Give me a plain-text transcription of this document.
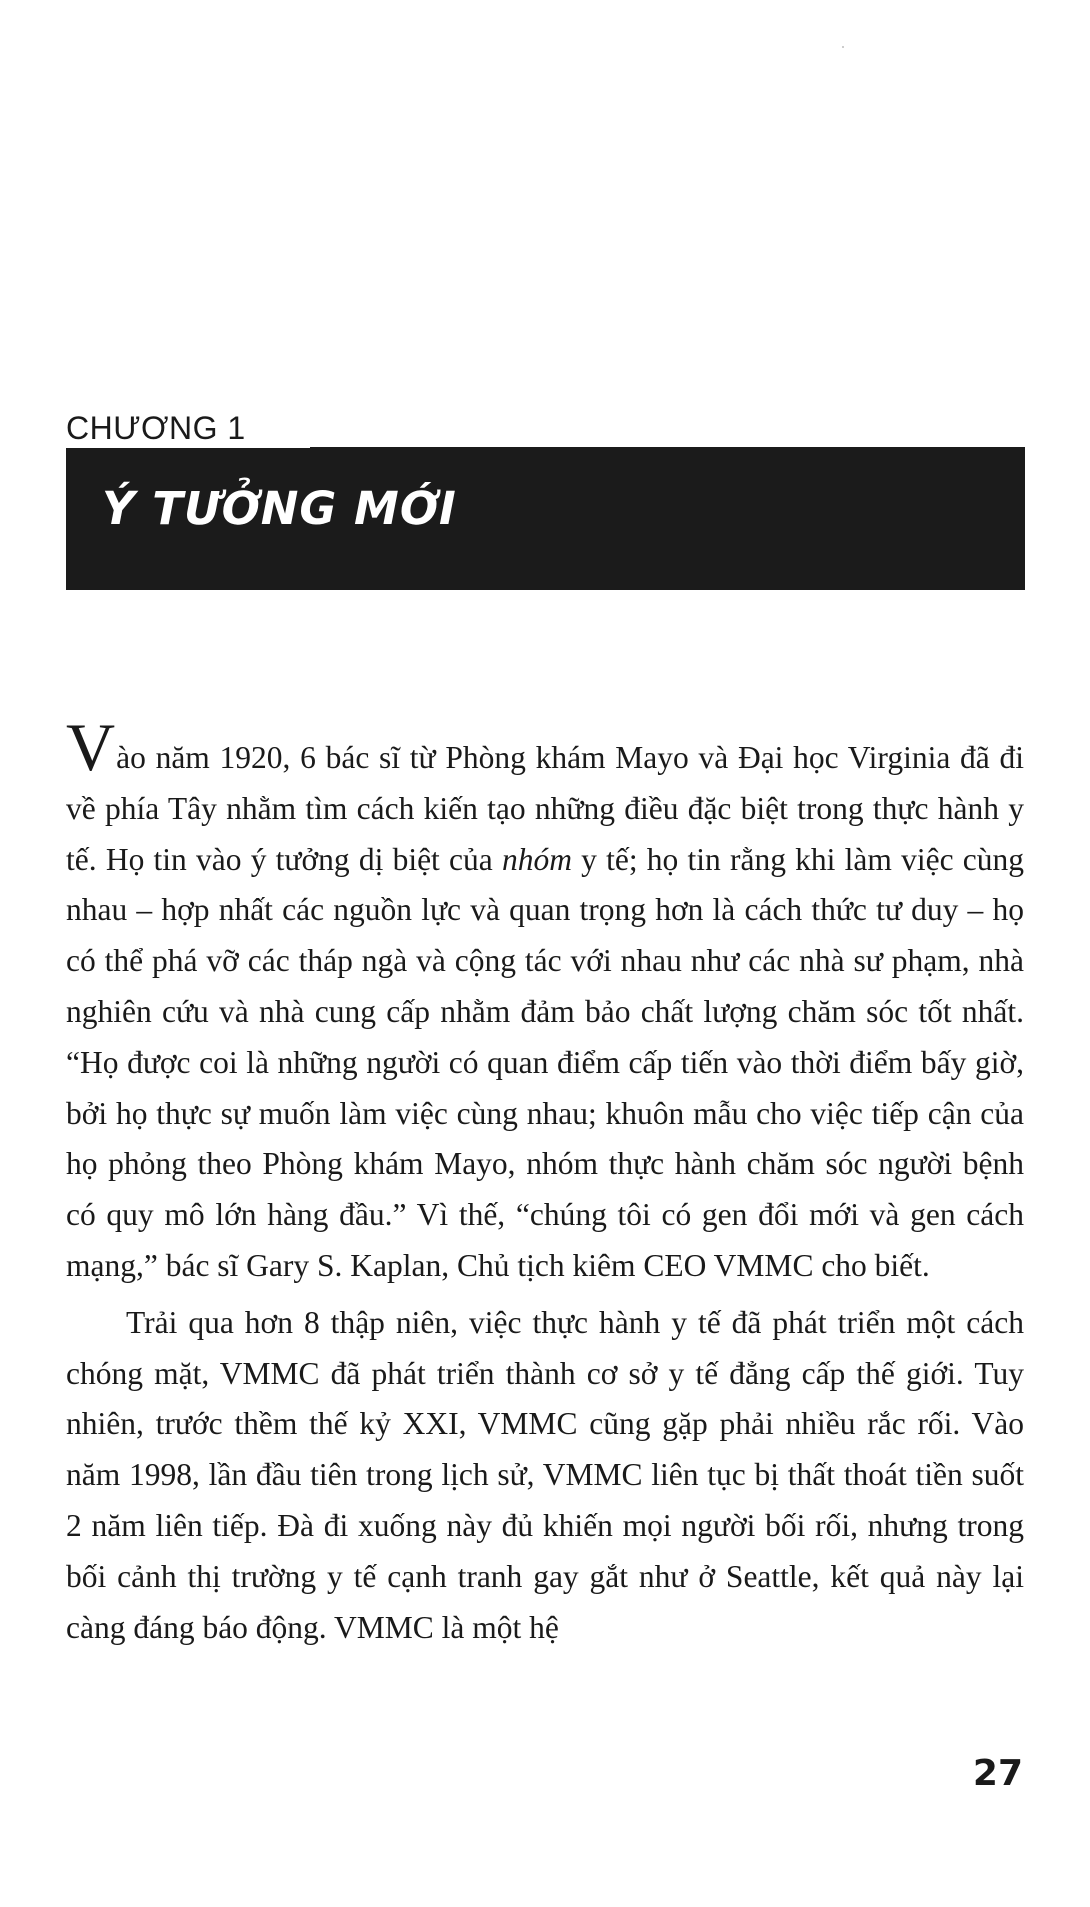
CHƯƠNG 1
Ý TƯỞNG MỚI

Vào năm 1920, 6 bác sĩ từ Phòng khám Mayo và Đại học Virginia đã đi về phía Tây nhằm tìm cách kiến tạo những điều đặc biệt trong thực hành y tế. Họ tin vào ý tưởng dị biệt của nhóm y tế; họ tin rằng khi làm việc cùng nhau – hợp nhất các nguồn lực và quan trọng hơn là cách thức tư duy – họ có thể phá vỡ các tháp ngà và cộng tác với nhau như các nhà sư phạm, nhà nghiên cứu và nhà cung cấp nhằm đảm bảo chất lượng chăm sóc tốt nhất. “Họ được coi là những người có quan điểm cấp tiến vào thời điểm bấy giờ, bởi họ thực sự muốn làm việc cùng nhau; khuôn mẫu cho việc tiếp cận của họ phỏng theo Phòng khám Mayo, nhóm thực hành chăm sóc người bệnh có quy mô lớn hàng đầu.” Vì thế, “chúng tôi có gen đổi mới và gen cách mạng,” bác sĩ Gary S. Kaplan, Chủ tịch kiêm CEO VMMC cho biết.

Trải qua hơn 8 thập niên, việc thực hành y tế đã phát triển một cách chóng mặt, VMMC đã phát triển thành cơ sở y tế đẳng cấp thế giới. Tuy nhiên, trước thềm thế kỷ XXI, VMMC cũng gặp phải nhiều rắc rối. Vào năm 1998, lần đầu tiên trong lịch sử, VMMC liên tục bị thất thoát tiền suốt 2 năm liên tiếp. Đà đi xuống này đủ khiến mọi người bối rối, nhưng trong bối cảnh thị trường y tế cạnh tranh gay gắt như ở Seattle, kết quả này lại càng đáng báo động. VMMC là một hệ

27
